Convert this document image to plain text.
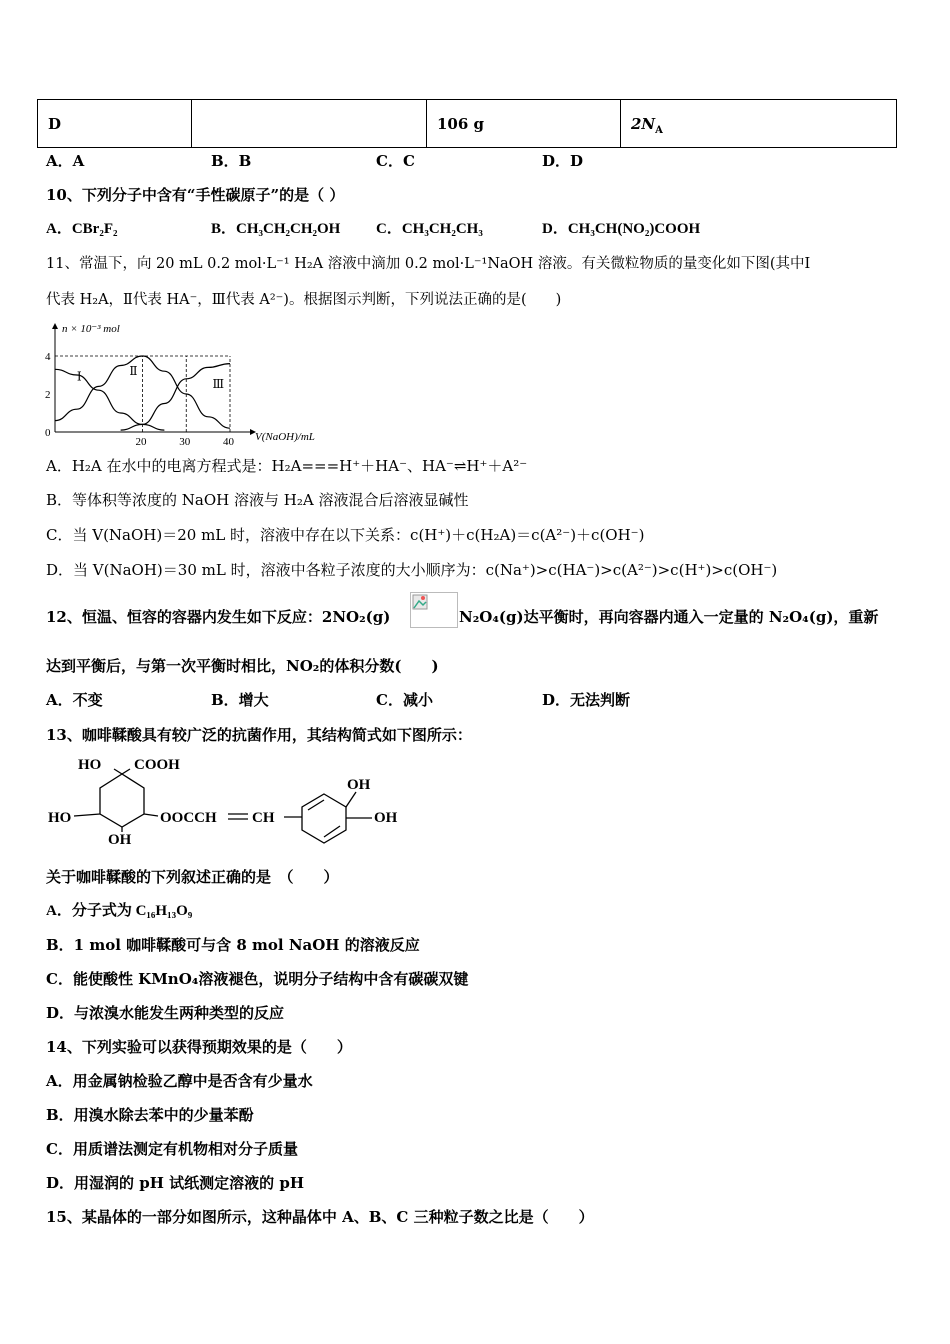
D		106 g	$2N_A$
A．A	B．B	C．C	D．D
10、下列分子中含有“手性碳原子”的是（ ）
A．CBr₂F₂	B．CH₃CH₂CH₂OH C．CH₃CH₂CH₃	D．CH₃CH(NO₂)COOH
11、常温下，向 20 mL 0.2 mol·L⁻¹ H₂A 溶液中滴加 0.2 mol·L⁻¹NaOH 溶液。有关微粒物质的量变化如下图(其中Ⅰ
代表 H₂A，Ⅱ代表 HA⁻，Ⅲ代表 A²⁻)。根据图示判断，下列说法正确的是(　　)
n × 10⁻³ mol
V(NaOH)/mL
20	30	40
0
2
4
Ⅰ	Ⅱ
Ⅲ
A．H₂A 在水中的电离方程式是：H₂A===H⁺＋HA⁻、HA⁻⇌H⁺＋A²⁻
B．等体积等浓度的 NaOH 溶液与 H₂A 溶液混合后溶液显碱性
C．当 V(NaOH)＝20 mL 时，溶液中存在以下关系：c(H⁺)＋c(H₂A)＝c(A²⁻)＋c(OH⁻)
D．当 V(NaOH)＝30 mL 时，溶液中各粒子浓度的大小顺序为：c(Na⁺)>c(HA⁻)>c(A²⁻)>c(H⁺)>c(OH⁻)
12、恒温、恒容的容器内发生如下反应：2NO₂(g)	N₂O₄(g)达平衡时，再向容器内通入一定量的 N₂O₄(g)，重新
达到平衡后，与第一次平衡时相比，NO₂的体积分数(　　)
A．不变	B．增大	C．减小	D．无法判断
13、咖啡鞣酸具有较广泛的抗菌作用，其结构简式如下图所示：
HO COOH
HO	OOCCH CH
OH
OH
OH
关于咖啡鞣酸的下列叙述正确的是　（　　）
A．分子式为 C₁₆H₁₃O₉
B．1 mol 咖啡鞣酸可与含 8 mol NaOH 的溶液反应
C．能使酸性 KMnO₄溶液褪色，说明分子结构中含有碳碳双键
D．与浓溴水能发生两种类型的反应
14、下列实验可以获得预期效果的是（　　）
A．用金属钠检验乙醇中是否含有少量水
B．用溴水除去苯中的少量苯酚
C．用质谱法测定有机物相对分子质量
D．用湿润的 pH 试纸测定溶液的 pH
15、某晶体的一部分如图所示，这种晶体中 A、B、C 三种粒子数之比是（　　）
